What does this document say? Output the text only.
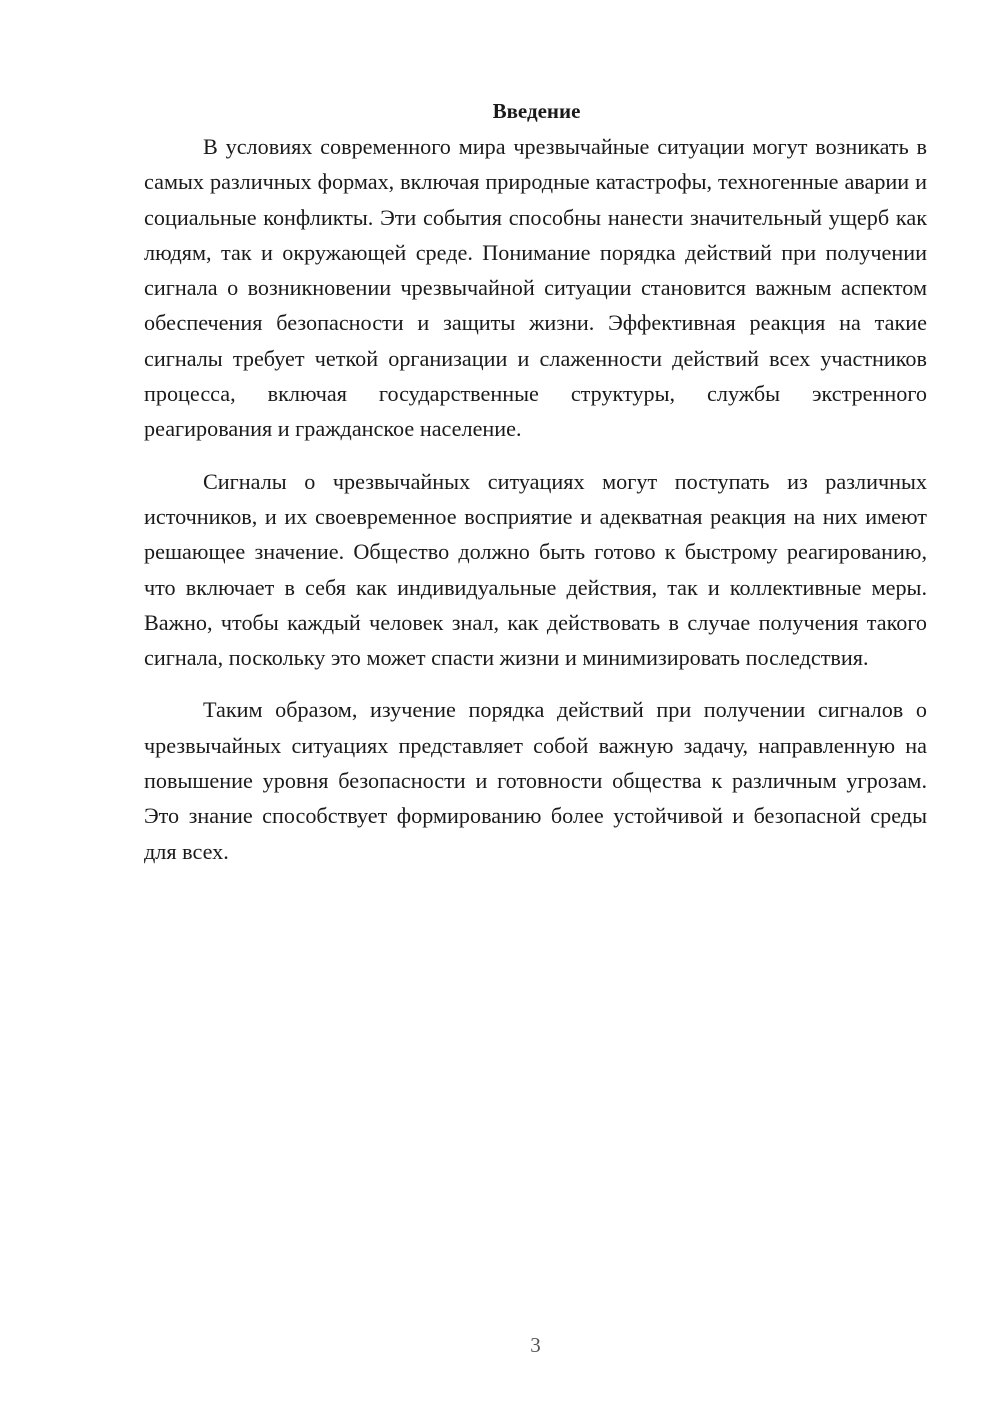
Введение

В условиях современного мира чрезвычайные ситуации могут возникать в самых различных формах, включая природные катастрофы, техногенные аварии и социальные конфликты. Эти события способны нанести значительный ущерб как людям, так и окружающей среде. Понимание порядка действий при получении сигнала о возникновении чрезвычайной ситуации становится важным аспектом обеспечения безопасности и защиты жизни. Эффективная реакция на такие сигналы требует четкой организации и слаженности действий всех участников процесса, включая государственные структуры, службы экстренного реагирования и гражданское население.

Сигналы о чрезвычайных ситуациях могут поступать из различных источников, и их своевременное восприятие и адекватная реакция на них имеют решающее значение. Общество должно быть готово к быстрому реагированию, что включает в себя как индивидуальные действия, так и коллективные меры. Важно, чтобы каждый человек знал, как действовать в случае получения такого сигнала, поскольку это может спасти жизни и минимизировать последствия.

Таким образом, изучение порядка действий при получении сигналов о чрезвычайных ситуациях представляет собой важную задачу, направленную на повышение уровня безопасности и готовности общества к различным угрозам. Это знание способствует формированию более устойчивой и безопасной среды для всех.

3
